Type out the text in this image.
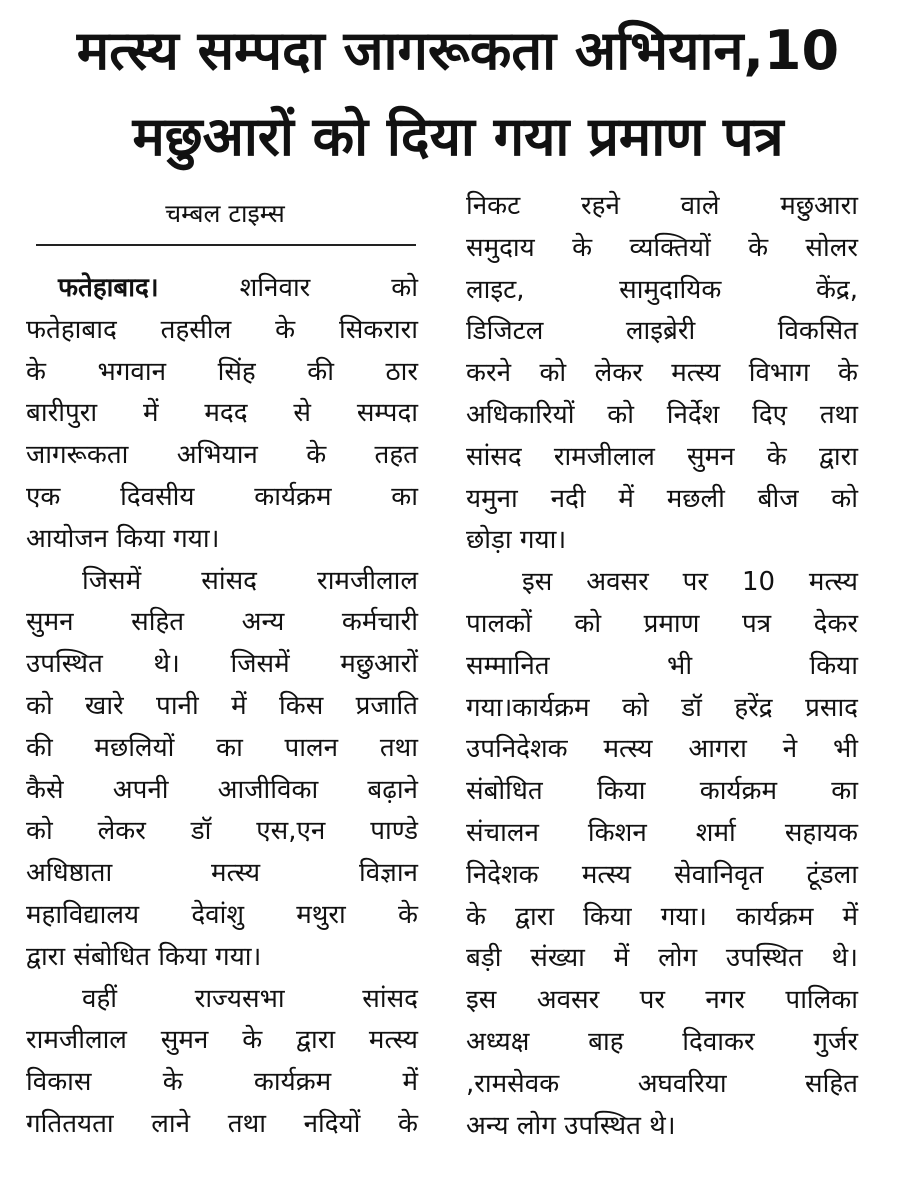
मत्स्य सम्पदा जागरूकता अभियान,10
मछुआरों को दिया गया प्रमाण पत्र
चम्बल टाइम्स
फतेहाबाद। शनिवार को
फतेहाबाद तहसील के सिकरारा
के भगवान सिंह की ठार
बारीपुरा में मदद से सम्पदा
जागरूकता अभियान के तहत
एक दिवसीय कार्यक्रम का
आयोजन किया गया।
जिसमें सांसद रामजीलाल
सुमन सहित अन्य कर्मचारी
उपस्थित थे। जिसमें मछुआरों
को खारे पानी में किस प्रजाति
की मछलियों का पालन तथा
कैसे अपनी आजीविका बढ़ाने
को लेकर डॉ एस,एन पाण्डे
अधिष्ठाता मत्स्य विज्ञान
महाविद्यालय देवांशु मथुरा के
द्वारा संबोधित किया गया।
वहीं राज्यसभा सांसद
रामजीलाल सुमन के द्वारा मत्स्य
विकास के कार्यक्रम में
गतितयता लाने तथा नदियों के
निकट रहने वाले मछुआरा
समुदाय के व्यक्तियों के सोलर
लाइट, सामुदायिक केंद्र,
डिजिटल लाइब्रेरी विकसित
करने को लेकर मत्स्य विभाग के
अधिकारियों को निर्देश दिए तथा
सांसद रामजीलाल सुमन के द्वारा
यमुना नदी में मछली बीज को
छोड़ा गया।
इस अवसर पर 10 मत्स्य
पालकों को प्रमाण पत्र देकर
सम्मानित भी किया
गया।कार्यक्रम को डॉ हरेंद्र प्रसाद
उपनिदेशक मत्स्य आगरा ने भी
संबोधित किया कार्यक्रम का
संचालन किशन शर्मा सहायक
निदेशक मत्स्य सेवानिवृत टूंडला
के द्वारा किया गया। कार्यक्रम में
बड़ी संख्या में लोग उपस्थित थे।
इस अवसर पर नगर पालिका
अध्यक्ष बाह दिवाकर गुर्जर
,रामसेवक अघवरिया सहित
अन्य लोग उपस्थित थे।
